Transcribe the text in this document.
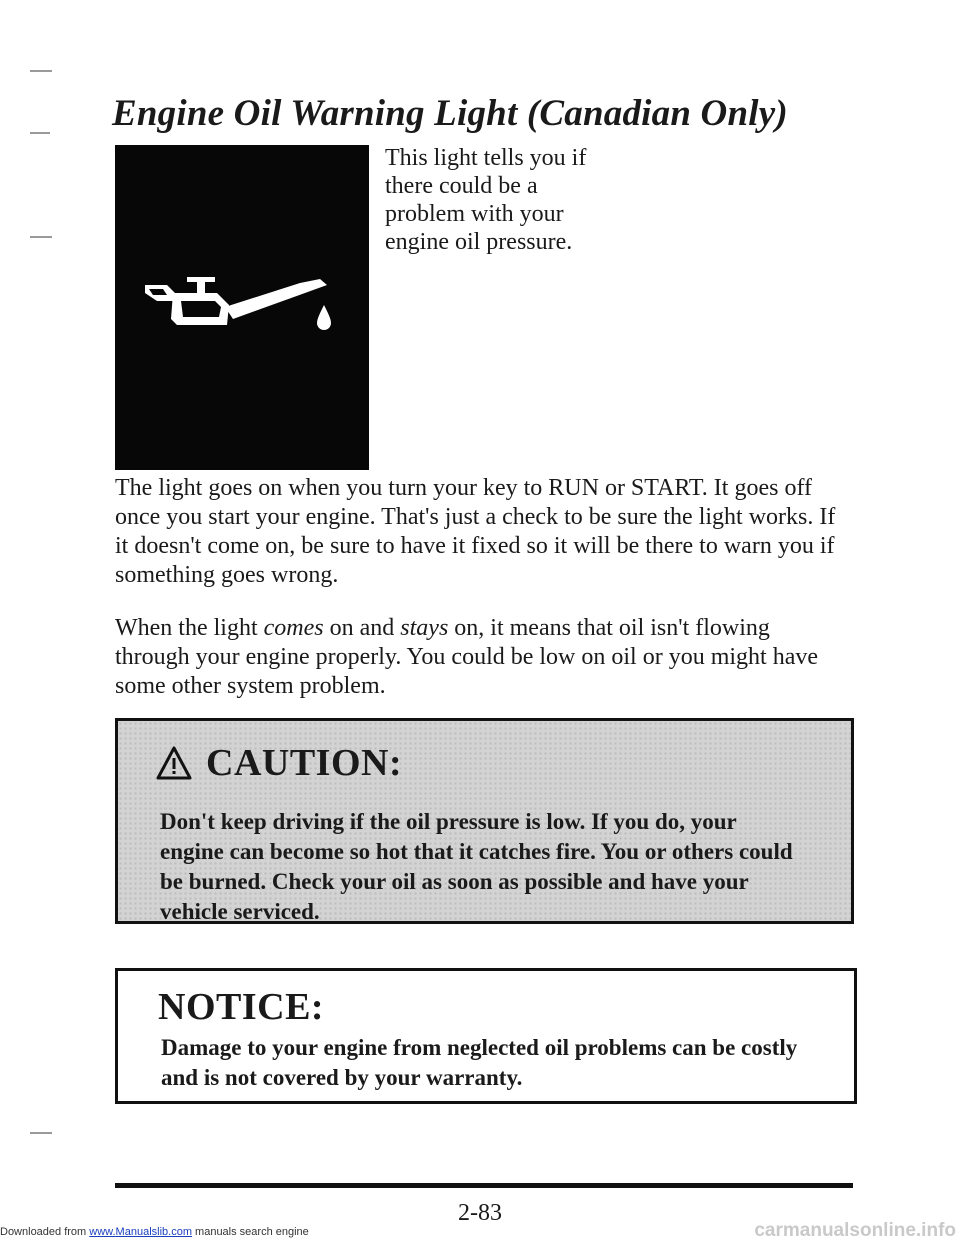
Engine Oil Warning Light (Canadian Only)
This light tells you if there could be a problem with your engine oil pressure.

The light goes on when you turn your key to RUN or START. It goes off once you start your engine. That's just a check to be sure the light works. If it doesn't come on, be sure to have it fixed so it will be there to warn you if something goes wrong.

When the light comes on and stays on, it means that oil isn't flowing through your engine properly. You could be low on oil or you might have some other system problem.

CAUTION:
Don't keep driving if the oil pressure is low. If you do, your engine can become so hot that it catches fire. You or others could be burned. Check your oil as soon as possible and have your vehicle serviced.
NOTICE:
Damage to your engine from neglected oil problems can be costly and is not covered by your warranty.
2-83
Downloaded from www.Manualslib.com manuals search engine	carmanualsonline.info
